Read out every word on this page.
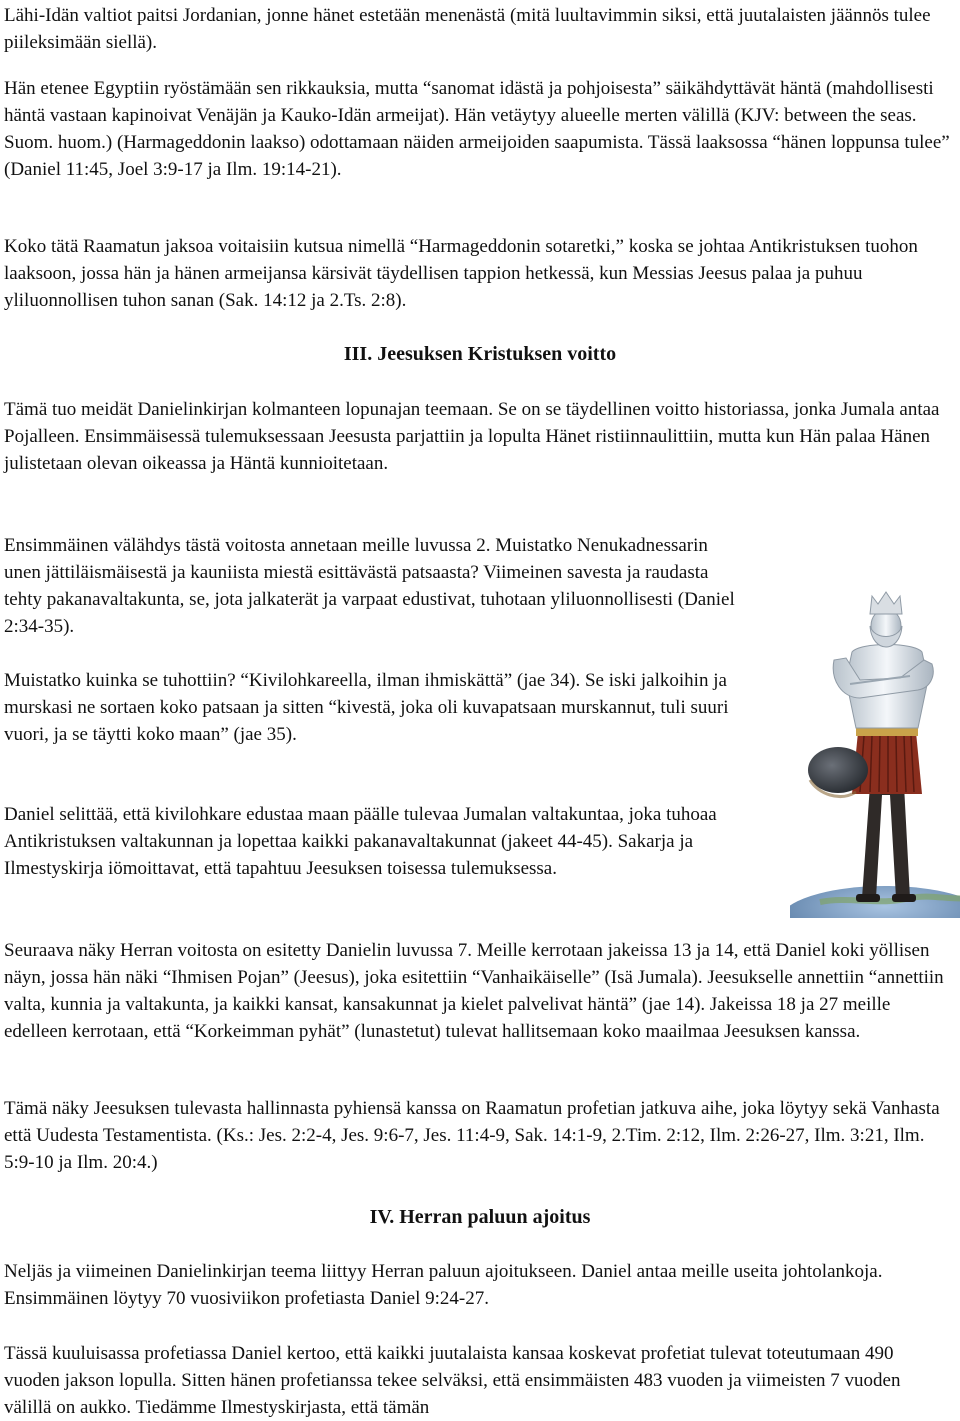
Lähi-Idän valtiot paitsi Jordanian, jonne hänet estetään menenästä (mitä luultavimmin siksi, että juutalaisten jäännös tulee piileksimään siellä).

Hän etenee Egyptiin ryöstämään sen rikkauksia, mutta “sanomat idästä ja pohjoisesta” säikähdyttävät häntä (mahdollisesti häntä vastaan kapinoivat Venäjän ja Kauko-Idän armeijat). Hän vetäytyy alueelle merten välillä (KJV: between the seas. Suom. huom.) (Harmageddonin laakso) odottamaan näiden armeijoiden saapumista. Tässä laaksossa “hänen loppunsa tulee” (Daniel 11:45, Joel 3:9-17 ja Ilm. 19:14-21).

Koko tätä Raamatun jaksoa voitaisiin kutsua nimellä “Harmageddonin sotaretki,” koska se johtaa Antikristuksen tuohon laaksoon, jossa hän ja hänen armeijansa kärsivät täydellisen tappion hetkessä, kun Messias Jeesus palaa ja puhuu yliluonnollisen tuhon sanan (Sak. 14:12 ja 2.Ts. 2:8).

III. Jeesuksen Kristuksen voitto

Tämä tuo meidät Danielinkirjan kolmanteen lopunajan teemaan. Se on se täydellinen voitto historiassa, jonka Jumala antaa Pojalleen. Ensimmäisessä tulemuksessaan Jeesusta parjattiin ja lopulta Hänet ristiinnaulittiin, mutta kun Hän palaa Hänen julistetaan olevan oikeassa ja Häntä kunnioitetaan.

Ensimmäinen välähdys tästä voitosta annetaan meille luvussa 2. Muistatko Nenukadnessarin unen jättiläismäisestä ja kauniista miestä esittävästä patsaasta? Viimeinen savesta ja raudasta tehty pakanavaltakunta, se, jota jalkaterät ja varpaat edustivat, tuhotaan yliluonnollisesti (Daniel 2:34-35).

Muistatko kuinka se tuhottiin? “Kivilohkareella, ilman ihmiskättä” (jae 34). Se iski jalkoihin ja murskasi ne sortaen koko patsaan ja sitten “kivestä, joka oli kuvapatsaan murskannut, tuli suuri vuori, ja se täytti koko maan” (jae 35).

Daniel selittää, että kivilohkare edustaa maan päälle tulevaa Jumalan valtakuntaa, joka tuhoaa Antikristuksen valtakunnan ja lopettaa kaikki pakanavaltakunnat (jakeet 44-45). Sakarja ja Ilmestyskirja iömoittavat, että tapahtuu Jeesuksen toisessa tulemuksessa.

Seuraava näky Herran voitosta on esitetty Danielin luvussa 7. Meille kerrotaan jakeissa 13 ja 14, että Daniel koki yöllisen näyn, jossa hän näki “Ihmisen Pojan” (Jeesus), joka esitettiin “Vanhaikäiselle” (Isä Jumala). Jeesukselle annettiin “annettiin valta, kunnia ja valtakunta, ja kaikki kansat, kansakunnat ja kielet palvelivat häntä” (jae 14). Jakeissa 18 ja 27 meille edelleen kerrotaan, että “Korkeimman pyhät” (lunastetut) tulevat hallitsemaan koko maailmaa Jeesuksen kanssa.

Tämä näky Jeesuksen tulevasta hallinnasta pyhiensä kanssa on Raamatun profetian jatkuva aihe, joka löytyy sekä Vanhasta että Uudesta Testamentista. (Ks.: Jes. 2:2-4, Jes. 9:6-7, Jes. 11:4-9, Sak. 14:1-9, 2.Tim. 2:12, Ilm. 2:26-27, Ilm. 3:21, Ilm. 5:9-10 ja Ilm. 20:4.)

IV. Herran paluun ajoitus

Neljäs ja viimeinen Danielinkirjan teema liittyy Herran paluun ajoitukseen. Daniel antaa meille useita johtolankoja. Ensimmäinen löytyy 70 vuosiviikon profetiasta Daniel 9:24-27.

Tässä kuuluisassa profetiassa Daniel kertoo, että kaikki juutalaista kansaa koskevat profetiat tulevat toteutumaan 490 vuoden jakson lopulla. Sitten hänen profetianssa tekee selväksi, että ensimmäisten 483 vuoden ja viimeisten 7 vuoden välillä on aukko. Tiedämme Ilmestyskirjasta, että tämän
